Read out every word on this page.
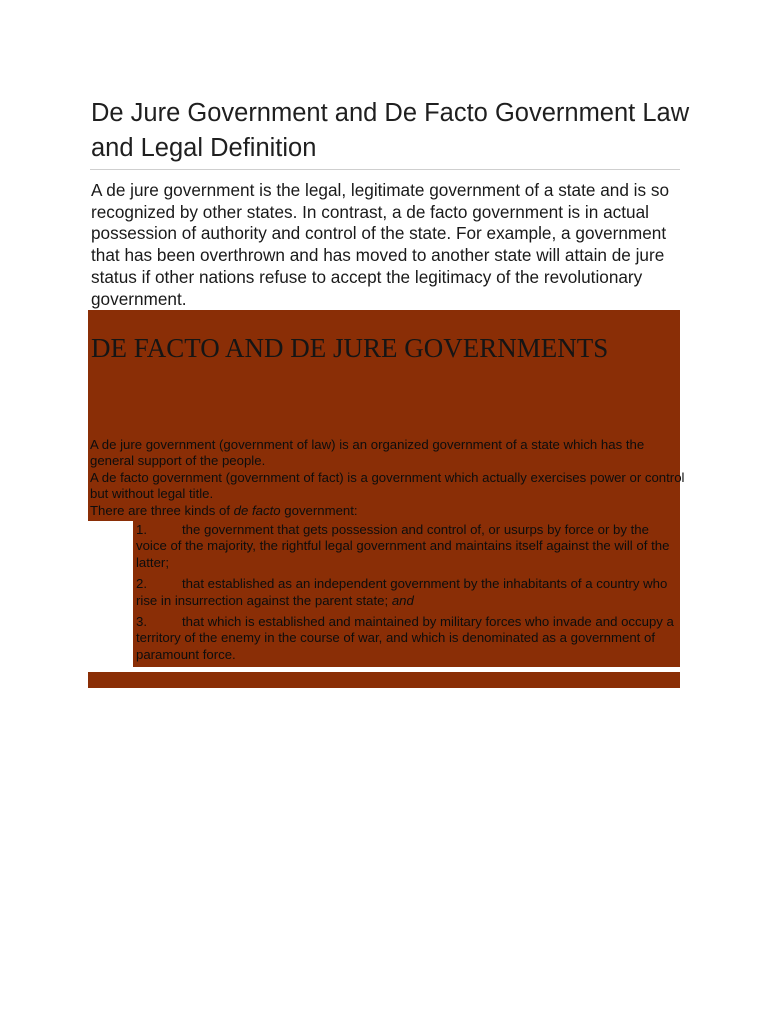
De Jure Government and De Facto Government Law and Legal Definition

A de jure government is the legal, legitimate government of a state and is so recognized by other states. In contrast, a de facto government is in actual possession of authority and control of the state. For example, a government that has been overthrown and has moved to another state will attain de jure status if other nations refuse to accept the legitimacy of the revolutionary government.

DE FACTO AND DE JURE GOVERNMENTS

A de jure government (government of law) is an organized government of a state which has the general support of the people.
A de facto government (government of fact) is a government which actually exercises power or control but without legal title.
There are three kinds of de facto government:

1.	the government that gets possession and control of, or usurps by force or by the voice of the majority, the rightful legal government and maintains itself against the will of the latter;
2.	that established as an independent government by the inhabitants of a country who rise in insurrection against the parent state; and
3.	that which is established and maintained by military forces who invade and occupy a territory of the enemy in the course of war, and which is denominated as a government of paramount force.
